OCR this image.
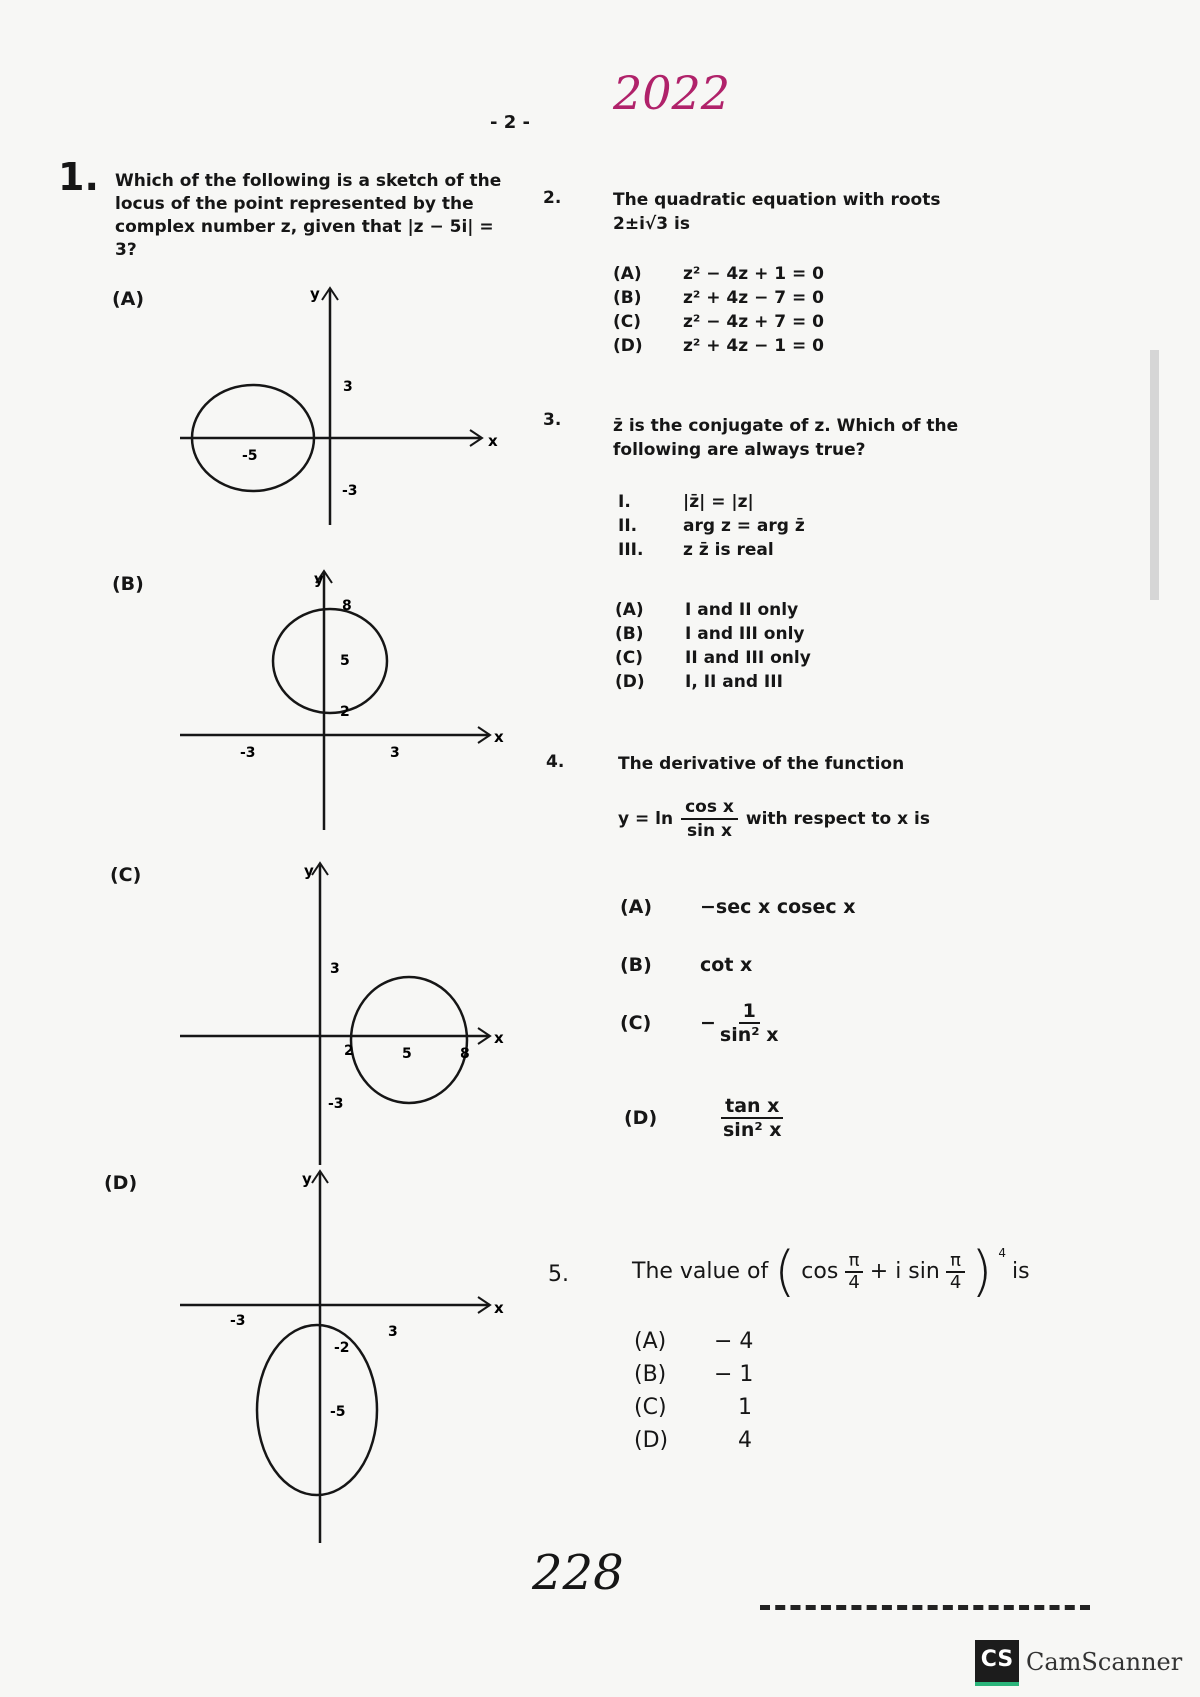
- 2 -
2022
1. Which of the following is a sketch of the locus of the point represented by the complex number z, given that |z − 5i| = 3?
(A)
x
y
-5
3
-3
(B)
x
y
8
5
2
-3	3
(C)
x
y
3
2	5	8
-3
(D)
x
y
-3
3
-2
-5
2.	The quadratic equation with roots 2±i√3 is
(A)	z² − 4z + 1 = 0
(B)	z² + 4z − 7 = 0
(C)	z² − 4z + 7 = 0
(D)	z² + 4z − 1 = 0
3.	z̄ is the conjugate of z. Which of the following are always true?
I.	|z̄| = |z|
II.	arg z = arg z̄
III.	z z̄ is real
(A)	I and II only
(B)	I and III only
(C)	II and III only
(D)	I, II and III
4.	The derivative of the function
$y = \ln \frac{\text{cos x}}{\text{sin x}}$ with respect to x is
(A)	−sec x cosec x
(B)	cot x
(C)	− $\frac{1}{\text{sin² x}}$
(D)	$\frac{\text{tan x}}{\text{sin² x}}$
5.	The value of ( $\cos \frac{\pi}{4} + i$ $\sin \frac{\pi}{4}$ ) $^4$
is
(A)	− 4
(B)	− 1
(C)	1
(D)	4
228
CS CamScanner
